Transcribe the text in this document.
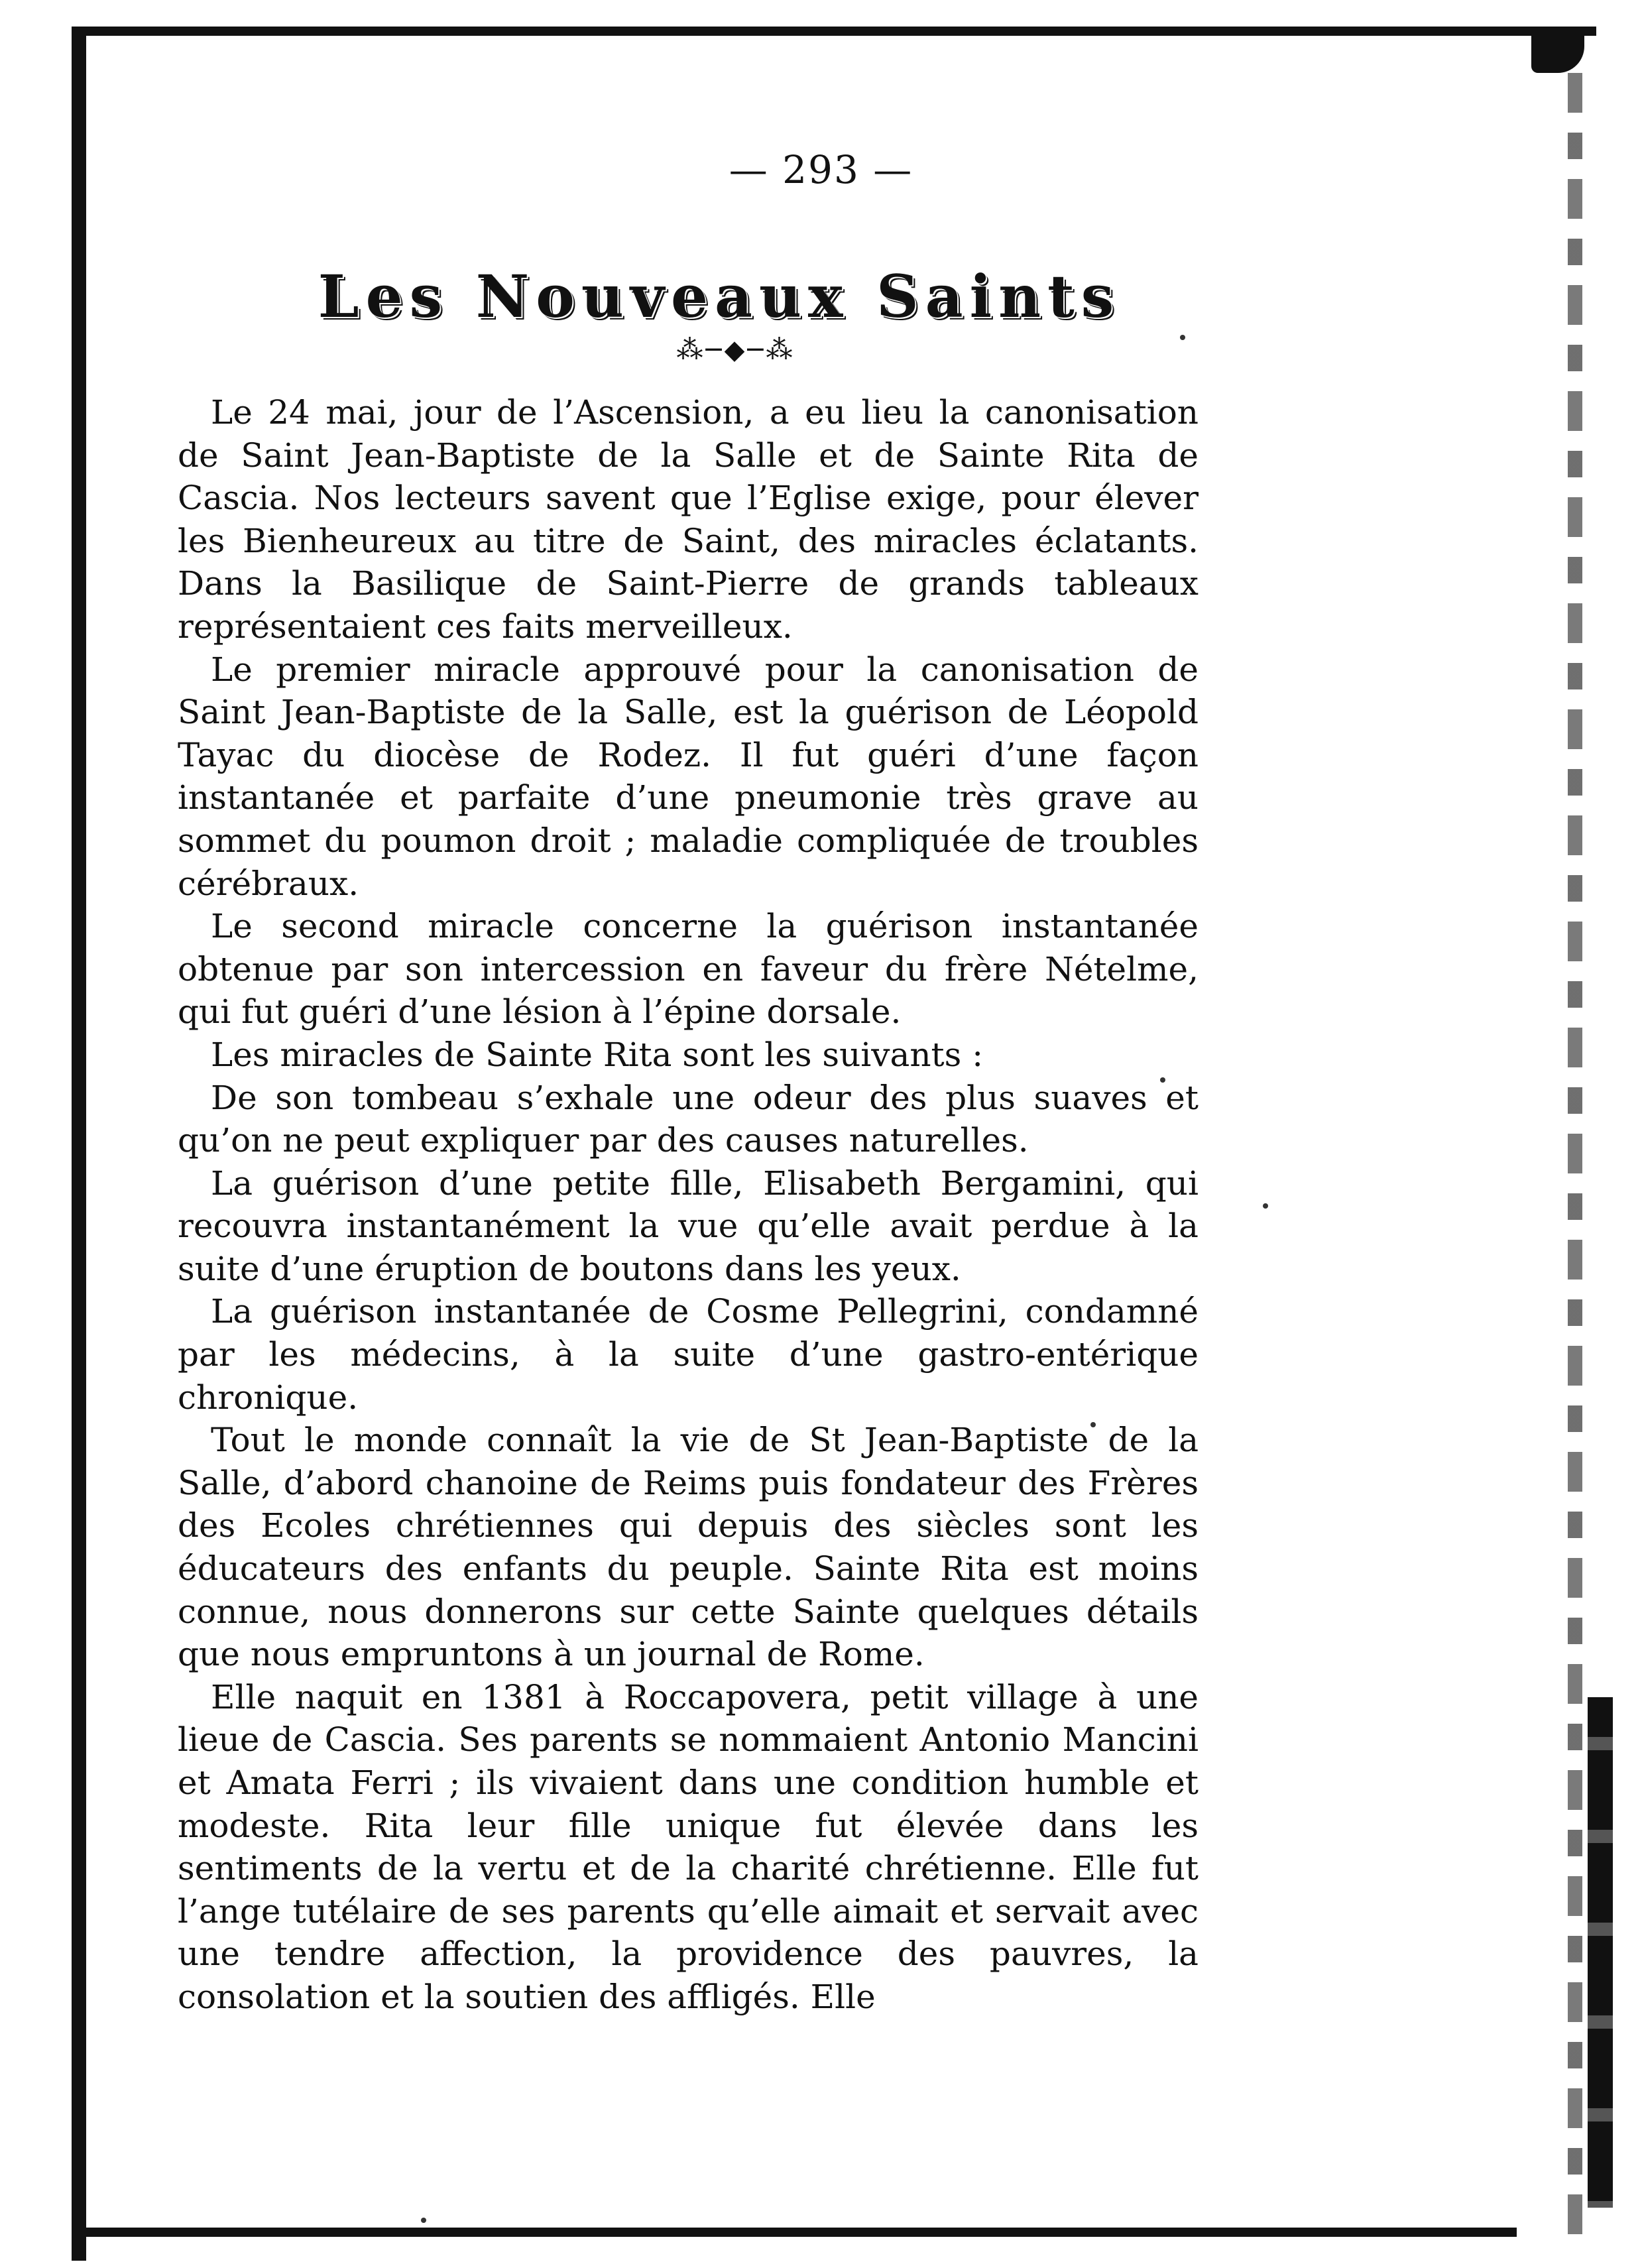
— 293 —
Les Nouveaux Saints
⁂─◆─⁂

Le 24 mai, jour de l’Ascension, a eu lieu la canonisation de Saint Jean-Baptiste de la Salle et de Sainte Rita de Cascia. Nos lecteurs savent que l’Eglise exige, pour élever les Bienheureux au titre de Saint, des miracles éclatants. Dans la Basilique de Saint-Pierre de grands tableaux représentaient ces faits merveilleux.

Le premier miracle approuvé pour la canonisation de Saint Jean-Baptiste de la Salle, est la guérison de Léopold Tayac du diocèse de Rodez. Il fut guéri d’une façon instantanée et parfaite d’une pneumonie très grave au sommet du poumon droit ; maladie compliquée de troubles cérébraux.

Le second miracle concerne la guérison instantanée obtenue par son intercession en faveur du frère Nételme, qui fut guéri d’une lésion à l’épine dorsale.

Les miracles de Sainte Rita sont les suivants :

De son tombeau s’exhale une odeur des plus suaves et qu’on ne peut expliquer par des causes naturelles.

La guérison d’une petite fille, Elisabeth Bergamini, qui recouvra instantanément la vue qu’elle avait perdue à la suite d’une éruption de boutons dans les yeux.

La guérison instantanée de Cosme Pellegrini, condamné par les médecins, à la suite d’une gastro-entérique chronique.

Tout le monde connaît la vie de St Jean-Baptiste de la Salle, d’abord chanoine de Reims puis fondateur des Frères des Ecoles chrétiennes qui depuis des siècles sont les éducateurs des enfants du peuple. Sainte Rita est moins connue, nous donnerons sur cette Sainte quelques détails que nous empruntons à un journal de Rome.

Elle naquit en 1381 à Roccapovera, petit village à une lieue de Cascia. Ses parents se nommaient Antonio Mancini et Amata Ferri ; ils vivaient dans une condition humble et modeste. Rita leur fille unique fut élevée dans les sentiments de la vertu et de la charité chrétienne. Elle fut l’ange tutélaire de ses parents qu’elle aimait et servait avec une tendre affection, la providence des pauvres, la consolation et la soutien des affligés. Elle
